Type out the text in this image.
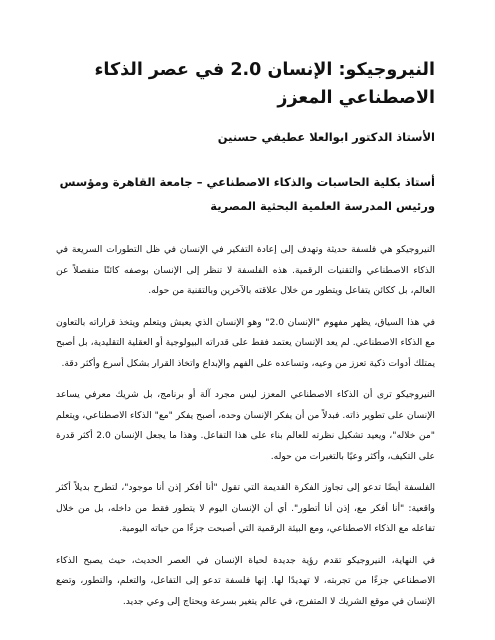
النيروجيكو: الإنسان 2.0 في عصر الذكاء الاصطناعي المعزز
الأستاذ الدكتور ابوالعلا عطيفي حسنين
أستاذ بكلية الحاسبات والذكاء الاصطناعي – جامعة القاهرة ومؤسس ورئيس المدرسة العلمية البحثية المصرية

النيروجيكو هي فلسفة حديثة وتهدف إلى إعادة التفكير في الإنسان في ظل التطورات السريعة في الذكاء الاصطناعي والتقنيات الرقمية. هذه الفلسفة لا تنظر إلى الإنسان بوصفه كائنًا منفصلاً عن العالم، بل ككائن يتفاعل ويتطور من خلال علاقته بالآخرين وبالتقنية من حوله.

في هذا السياق، يظهر مفهوم "الإنسان 2.0" وهو الإنسان الذي يعيش ويتعلم ويتخذ قراراته بالتعاون مع الذكاء الاصطناعي. لم يعد الإنسان يعتمد فقط على قدراته البيولوجية أو العقلية التقليدية، بل أصبح يمتلك أدوات ذكية تعزز من وعيه، وتساعده على الفهم والإبداع واتخاذ القرار بشكل أسرع وأكثر دقة.

النيروجيكو ترى أن الذكاء الاصطناعي المعزز ليس مجرد آلة أو برنامج، بل شريك معرفي يساعد الإنسان على تطوير ذاته. فبدلاً من أن يفكر الإنسان وحده، أصبح يفكر "مع" الذكاء الاصطناعي، ويتعلم "من خلاله"، ويعيد تشكيل نظرته للعالم بناء على هذا التفاعل. وهذا ما يجعل الإنسان 2.0 أكثر قدرة على التكيف، وأكثر وعيًا بالتغيرات من حوله.

الفلسفة أيضًا تدعو إلى تجاوز الفكرة القديمة التي تقول "أنا أفكر إذن أنا موجود"، لتطرح بديلاً أكثر واقعية: "أنا أفكر مع، إذن أنا أتطور". أي أن الإنسان اليوم لا يتطور فقط من داخله، بل من خلال تفاعله مع الذكاء الاصطناعي، ومع البيئة الرقمية التي أصبحت جزءًا من حياته اليومية.

في النهاية، النيروجيكو تقدم رؤية جديدة لحياة الإنسان في العصر الحديث، حيث يصبح الذكاء الاصطناعي جزءًا من تجربته، لا تهديدًا لها. إنها فلسفة تدعو إلى التفاعل، والتعلم، والتطور، وتضع الإنسان في موقع الشريك لا المتفرج، في عالم يتغير بسرعة ويحتاج إلى وعي جديد.
